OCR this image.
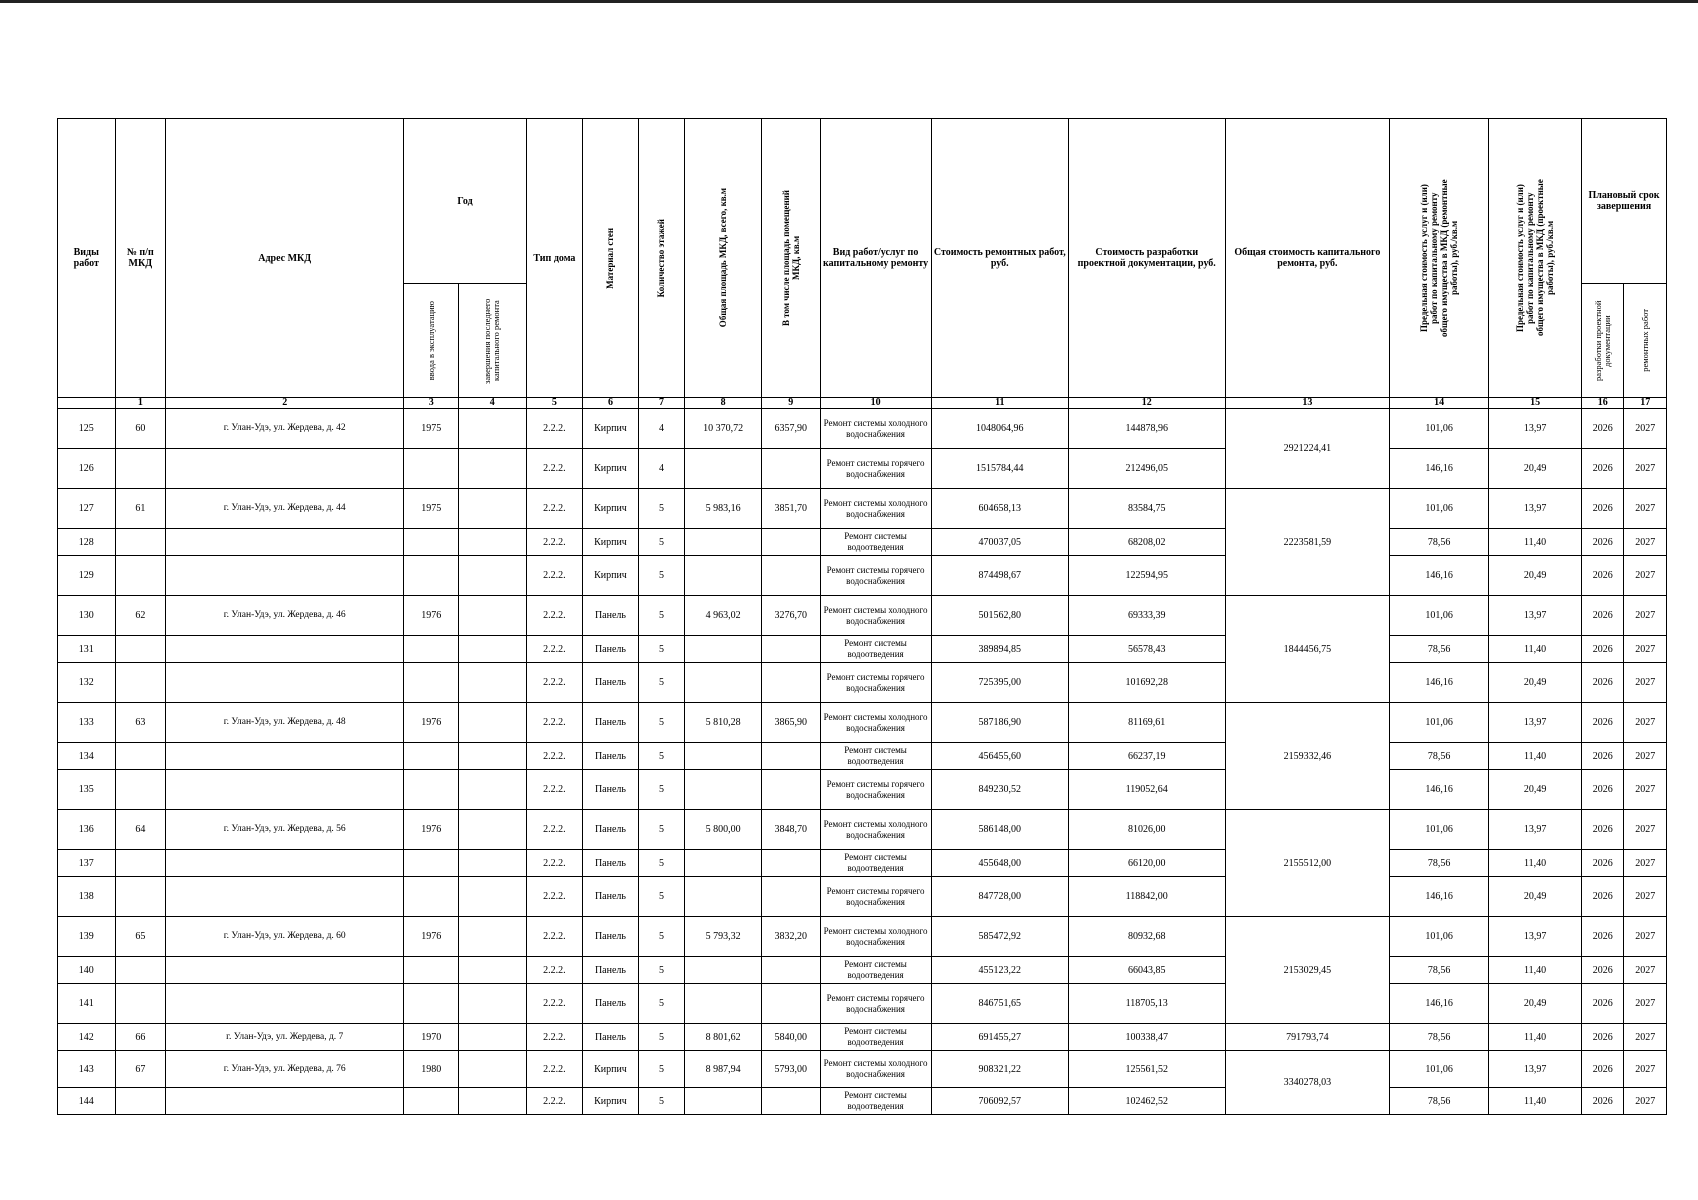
Виды работ	№ п/п МКД	Адрес МКД	Год		Тип дома	Материал стен	Количество этажей	Общая площадь МКД, всего, кв.м	В том числе площадь помещений МКД, кв.м	Вид работ/услуг по капитальному ремонту	Стоимость ремонтных работ, руб.	Стоимость разработки проектной документации, руб.	Общая стоимость капитального ремонта, руб.	Предельная стоимость услуг и (или) работ по капитальному ремонту общего имущества в МКД (ремонтные работы), руб./кв.м	Предельная стоимость услуг и (или) работ по капитальному ремонту общего имущества в МКД (проектные работы), руб./кв.м	Плановый срок завершения	

			ввода в эксплуатацию	завершения последнего капитального ремонта												разработки проектной документации	ремонтных работ

	1	2	3	4	5	6	7	8	9	10	11	12	13	14	15	16	17
125	60	г. Улан-Удэ, ул. Жердева, д. 42	1975		2.2.2.	Кирпич	4	10 370,72	6357,90	Ремонт системы холодного водоснабжения	1048064,96	144878,96	2921224,41	101,06	13,97	2026	2027
126					2.2.2.	Кирпич	4			Ремонт системы горячего водоснабжения	1515784,44	212496,05		146,16	20,49	2026	2027
127	61	г. Улан-Удэ, ул. Жердева, д. 44	1975		2.2.2.	Кирпич	5	5 983,16	3851,70	Ремонт системы холодного водоснабжения	604658,13	83584,75	2223581,59	101,06	13,97	2026	2027
128					2.2.2.	Кирпич	5			Ремонт системы водоотведения	470037,05	68208,02		78,56	11,40	2026	2027
129					2.2.2.	Кирпич	5			Ремонт системы горячего водоснабжения	874498,67	122594,95		146,16	20,49	2026	2027
130	62	г. Улан-Удэ, ул. Жердева, д. 46	1976		2.2.2.	Панель	5	4 963,02	3276,70	Ремонт системы холодного водоснабжения	501562,80	69333,39	1844456,75	101,06	13,97	2026	2027
131					2.2.2.	Панель	5			Ремонт системы водоотведения	389894,85	56578,43		78,56	11,40	2026	2027
132					2.2.2.	Панель	5			Ремонт системы горячего водоснабжения	725395,00	101692,28		146,16	20,49	2026	2027
133	63	г. Улан-Удэ, ул. Жердева, д. 48	1976		2.2.2.	Панель	5	5 810,28	3865,90	Ремонт системы холодного водоснабжения	587186,90	81169,61	2159332,46	101,06	13,97	2026	2027
134					2.2.2.	Панель	5			Ремонт системы водоотведения	456455,60	66237,19		78,56	11,40	2026	2027
135					2.2.2.	Панель	5			Ремонт системы горячего водоснабжения	849230,52	119052,64		146,16	20,49	2026	2027
136	64	г. Улан-Удэ, ул. Жердева, д. 56	1976		2.2.2.	Панель	5	5 800,00	3848,70	Ремонт системы холодного водоснабжения	586148,00	81026,00	2155512,00	101,06	13,97	2026	2027
137					2.2.2.	Панель	5			Ремонт системы водоотведения	455648,00	66120,00		78,56	11,40	2026	2027
138					2.2.2.	Панель	5			Ремонт системы горячего водоснабжения	847728,00	118842,00		146,16	20,49	2026	2027
139	65	г. Улан-Удэ, ул. Жердева, д. 60	1976		2.2.2.	Панель	5	5 793,32	3832,20	Ремонт системы холодного водоснабжения	585472,92	80932,68	2153029,45	101,06	13,97	2026	2027
140					2.2.2.	Панель	5			Ремонт системы водоотведения	455123,22	66043,85		78,56	11,40	2026	2027
141					2.2.2.	Панель	5			Ремонт системы горячего водоснабжения	846751,65	118705,13		146,16	20,49	2026	2027
142	66	г. Улан-Удэ, ул. Жердева, д. 7	1970		2.2.2.	Панель	5	8 801,62	5840,00	Ремонт системы водоотведения	691455,27	100338,47	791793,74	78,56	11,40	2026	2027
143	67	г. Улан-Удэ, ул. Жердева, д. 76	1980		2.2.2.	Кирпич	5	8 987,94	5793,00	Ремонт системы холодного водоснабжения	908321,22	125561,52	3340278,03	101,06	13,97	2026	2027
144					2.2.2.	Кирпич	5			Ремонт системы водоотведения	706092,57	102462,52		78,56	11,40	2026	2027
